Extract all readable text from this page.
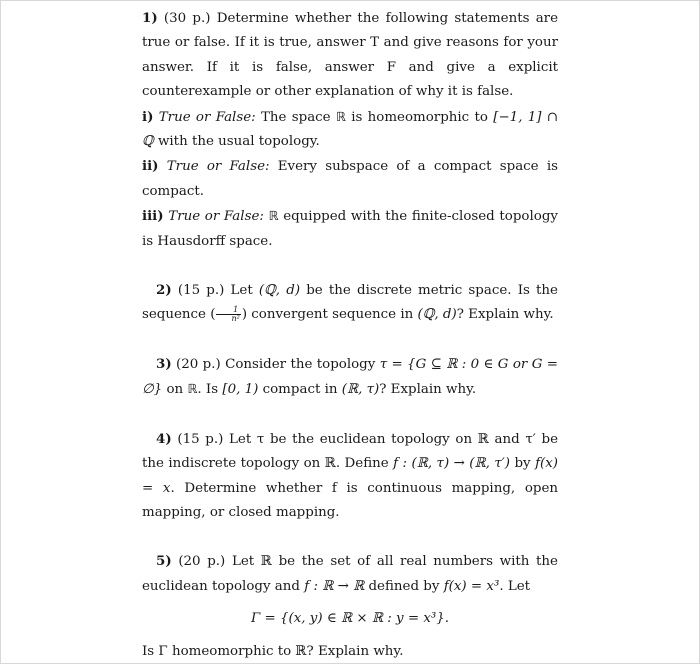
1) (30 p.) Determine whether the following statements are true or false. If it is true, answer T and give reasons for your answer. If it is false, answer F and give a explicit counterexample or other explanation of why it is false.
i) True or False: The space ℝ is homeomorphic to [−1, 1] ∩ ℚ with the usual topology.
ii) True or False: Every subspace of a compact space is compact.
iii) True or False: ℝ equipped with the finite-closed topology is Hausdorff space.
2) (15 p.) Let (ℚ, d) be the discrete metric space. Is the sequence ( $\frac{1}{\text{n²}}$ ) convergent sequence in (ℚ, d)? Explain why.
3) (20 p.) Consider the topology τ = {G ⊆ ℝ : 0 ∈ G or G = ∅} on ℝ. Is [0, 1) compact in (ℝ, τ)? Explain why.
4) (15 p.) Let τ be the euclidean topology on ℝ and τ′ be the indiscrete topology on ℝ. Define f : (ℝ, τ) → (ℝ, τ′) by f(x) = x. Determine whether f is continuous mapping, open mapping, or closed mapping.
5) (20 p.) Let ℝ be the set of all real numbers with the euclidean topology and f : ℝ → ℝ defined by f(x) = x³. Let
Γ = {(x, y) ∈ ℝ × ℝ : y = x³}.
Is Γ homeomorphic to ℝ? Explain why.
